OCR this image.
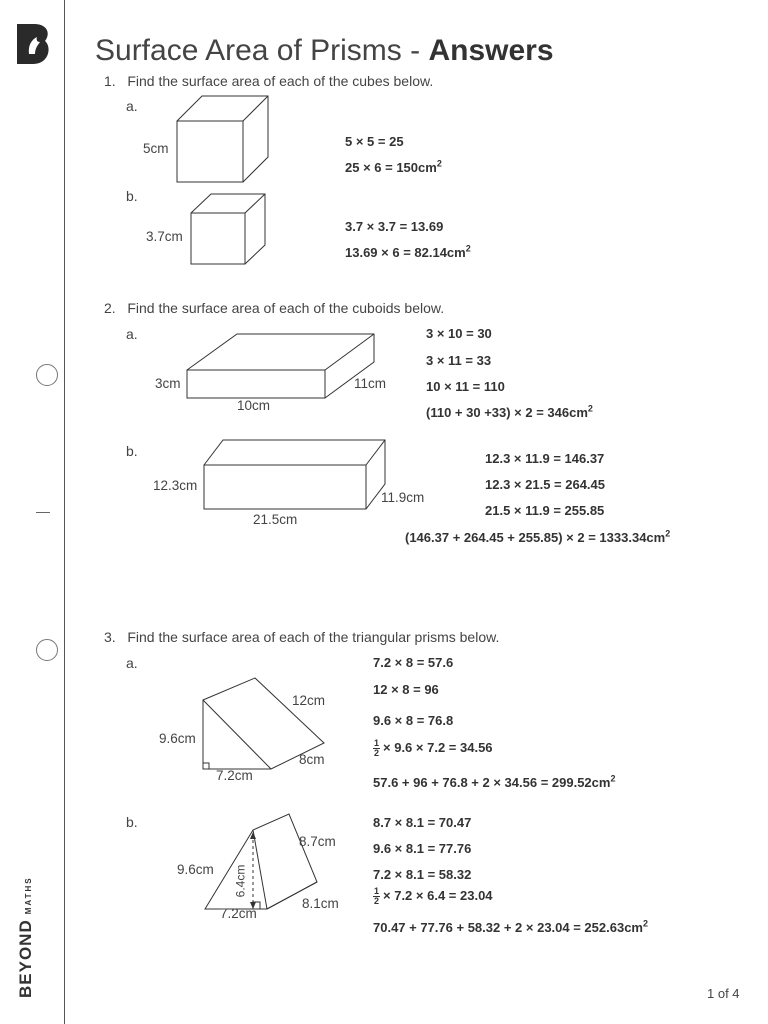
BEYOND
MATHS
Surface Area of Prisms - Answers
1. Find the surface area of each of the cubes below.
a.
5cm	5 × 5 = 25
$25 \times 6 = 150cm^2$
b.
3.7cm
3.7 × 3.7 = 13.69
$13.69 \times 6 = 82.14cm^2$
2. Find the surface area of each of the cuboids below.
a.
3cm
10cm
11cm
3 × 10 = 30
3 × 11 = 33
10 × 11 = 110
$(110 + 30 +33) \times 2 = 346cm^2$
b.
12.3cm
21.5cm
11.9cm
12.3 × 11.9 = 146.37
12.3 × 21.5 = 264.45
21.5 × 11.9 = 255.85
$(146.37 + 264.45 + 255.85) \times 2 = 1333.34cm^2$
3. Find the surface area of each of the triangular prisms below.
a.
9.6cm
7.2cm
12cm
8cm
7.2 × 8 = 57.6
12 × 8 = 96
9.6 × 8 = 76.8
$\frac{1}{2} \times 9.6 \times 7.2 = 34.56$
$57.6 + 96 + 76.8 + 2 \times 34.56 = 299.52cm^2$
b.
9.6cm
7.2cm
8.7cm
8.1cm
6.4cm
8.7 × 8.1 = 70.47
9.6 × 8.1 = 77.76
7.2 × 8.1 = 58.32
$\frac{1}{2} \times 7.2 \times 6.4 = 23.04$
$70.47 + 77.76 + 58.32 + 2 \times 23.04 = 252.63cm^2$
1 of 4
